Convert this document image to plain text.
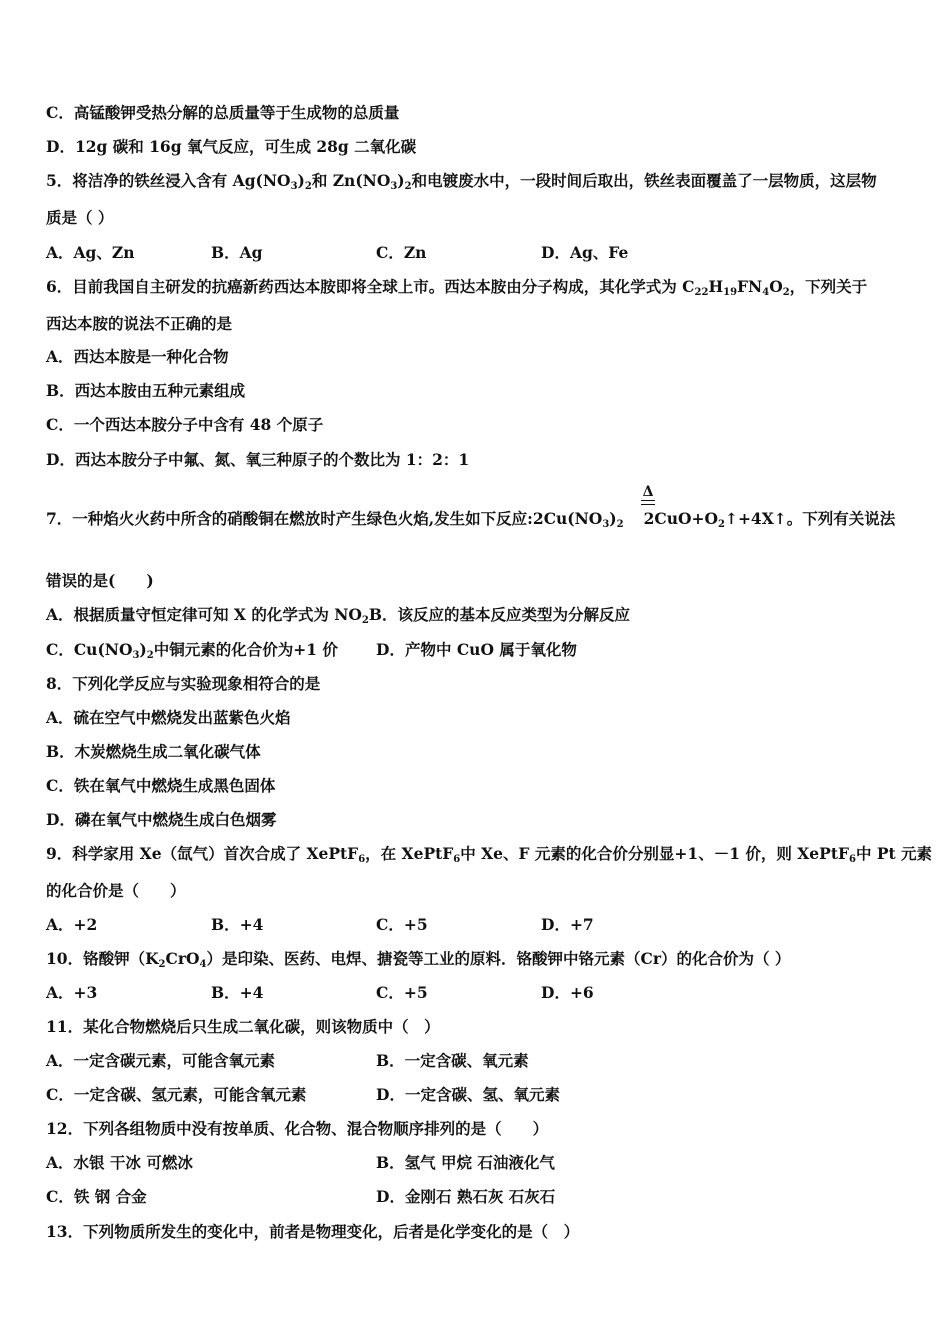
C．高锰酸钾受热分解的总质量等于生成物的总质量
D．12g 碳和 16g 氧气反应，可生成 28g 二氧化碳
5．将洁净的铁丝浸入含有 $Ag(NO_3)_2$和 $Zn(NO_3)_2$和电镀废水中，一段时间后取出，铁丝表面覆盖了一层物质，这层物
质是（ ）
A．Ag、Zn	B．Ag	C．Zn	D．Ag、Fe
6．目前我国自主研发的抗癌新药西达本胺即将全球上市。西达本胺由分子构成，其化学式为 $C_{22}H_{19}FN_4O_2$，下列关于
西达本胺的说法不正确的是
A．西达本胺是一种化合物
B．西达本胺由五种元素组成
C．一个西达本胺分子中含有 48 个原子
D．西达本胺分子中氟、氮、氧三种原子的个数比为 1：2：1
Δ
7．一种焰火火药中所含的硝酸铜在燃放时产生绿色火焰,发生如下反应$:2Cu(NO_3)_2$ $2CuO+O_2↑+4X↑$。下列有关说法
错误的是(　　)
A．根据质量守恒定律可知 X 的化学式为 $NO_2B$．该反应的基本反应类型为分解反应
C．$Cu(NO_3)_2$中铜元素的化合价为+1 价 D．产物中 CuO 属于氧化物
8．下列化学反应与实验现象相符合的是
A．硫在空气中燃烧发出蓝紫色火焰
B．木炭燃烧生成二氧化碳气体
C．铁在氧气中燃烧生成黑色固体
D．磷在氧气中燃烧生成白色烟雾
9．科学家用 Xe（氙气）首次合成了 XePtF$_6$，在 XePtF$_6$中 Xe、F 元素的化合价分别显+1、－1 价，则 XePtF$_6$中 Pt 元素
的化合价是（　　）
A．+2	B．+4	C．+5	D．+7
10．铬酸钾$(K_2CrO_4)$是印染、医药、电焊、搪瓷等工业的原料．铬酸钾中铬元素（Cr）的化合价为（ ）
A．+3	B．+4	C．+5	D．+6
11．某化合物燃烧后只生成二氧化碳，则该物质中（　）
A．一定含碳元素，可能含氧元素	B．一定含碳、氧元素
C．一定含碳、氢元素，可能含氧元素	D．一定含碳、氢、氧元素
12．下列各组物质中没有按单质、化合物、混合物顺序排列的是（　　）
A．水银 干冰 可燃冰	B．氢气 甲烷 石油液化气
C．铁 钢 合金	D．金刚石 熟石灰 石灰石
13．下列物质所发生的变化中，前者是物理变化，后者是化学变化的是（　）
